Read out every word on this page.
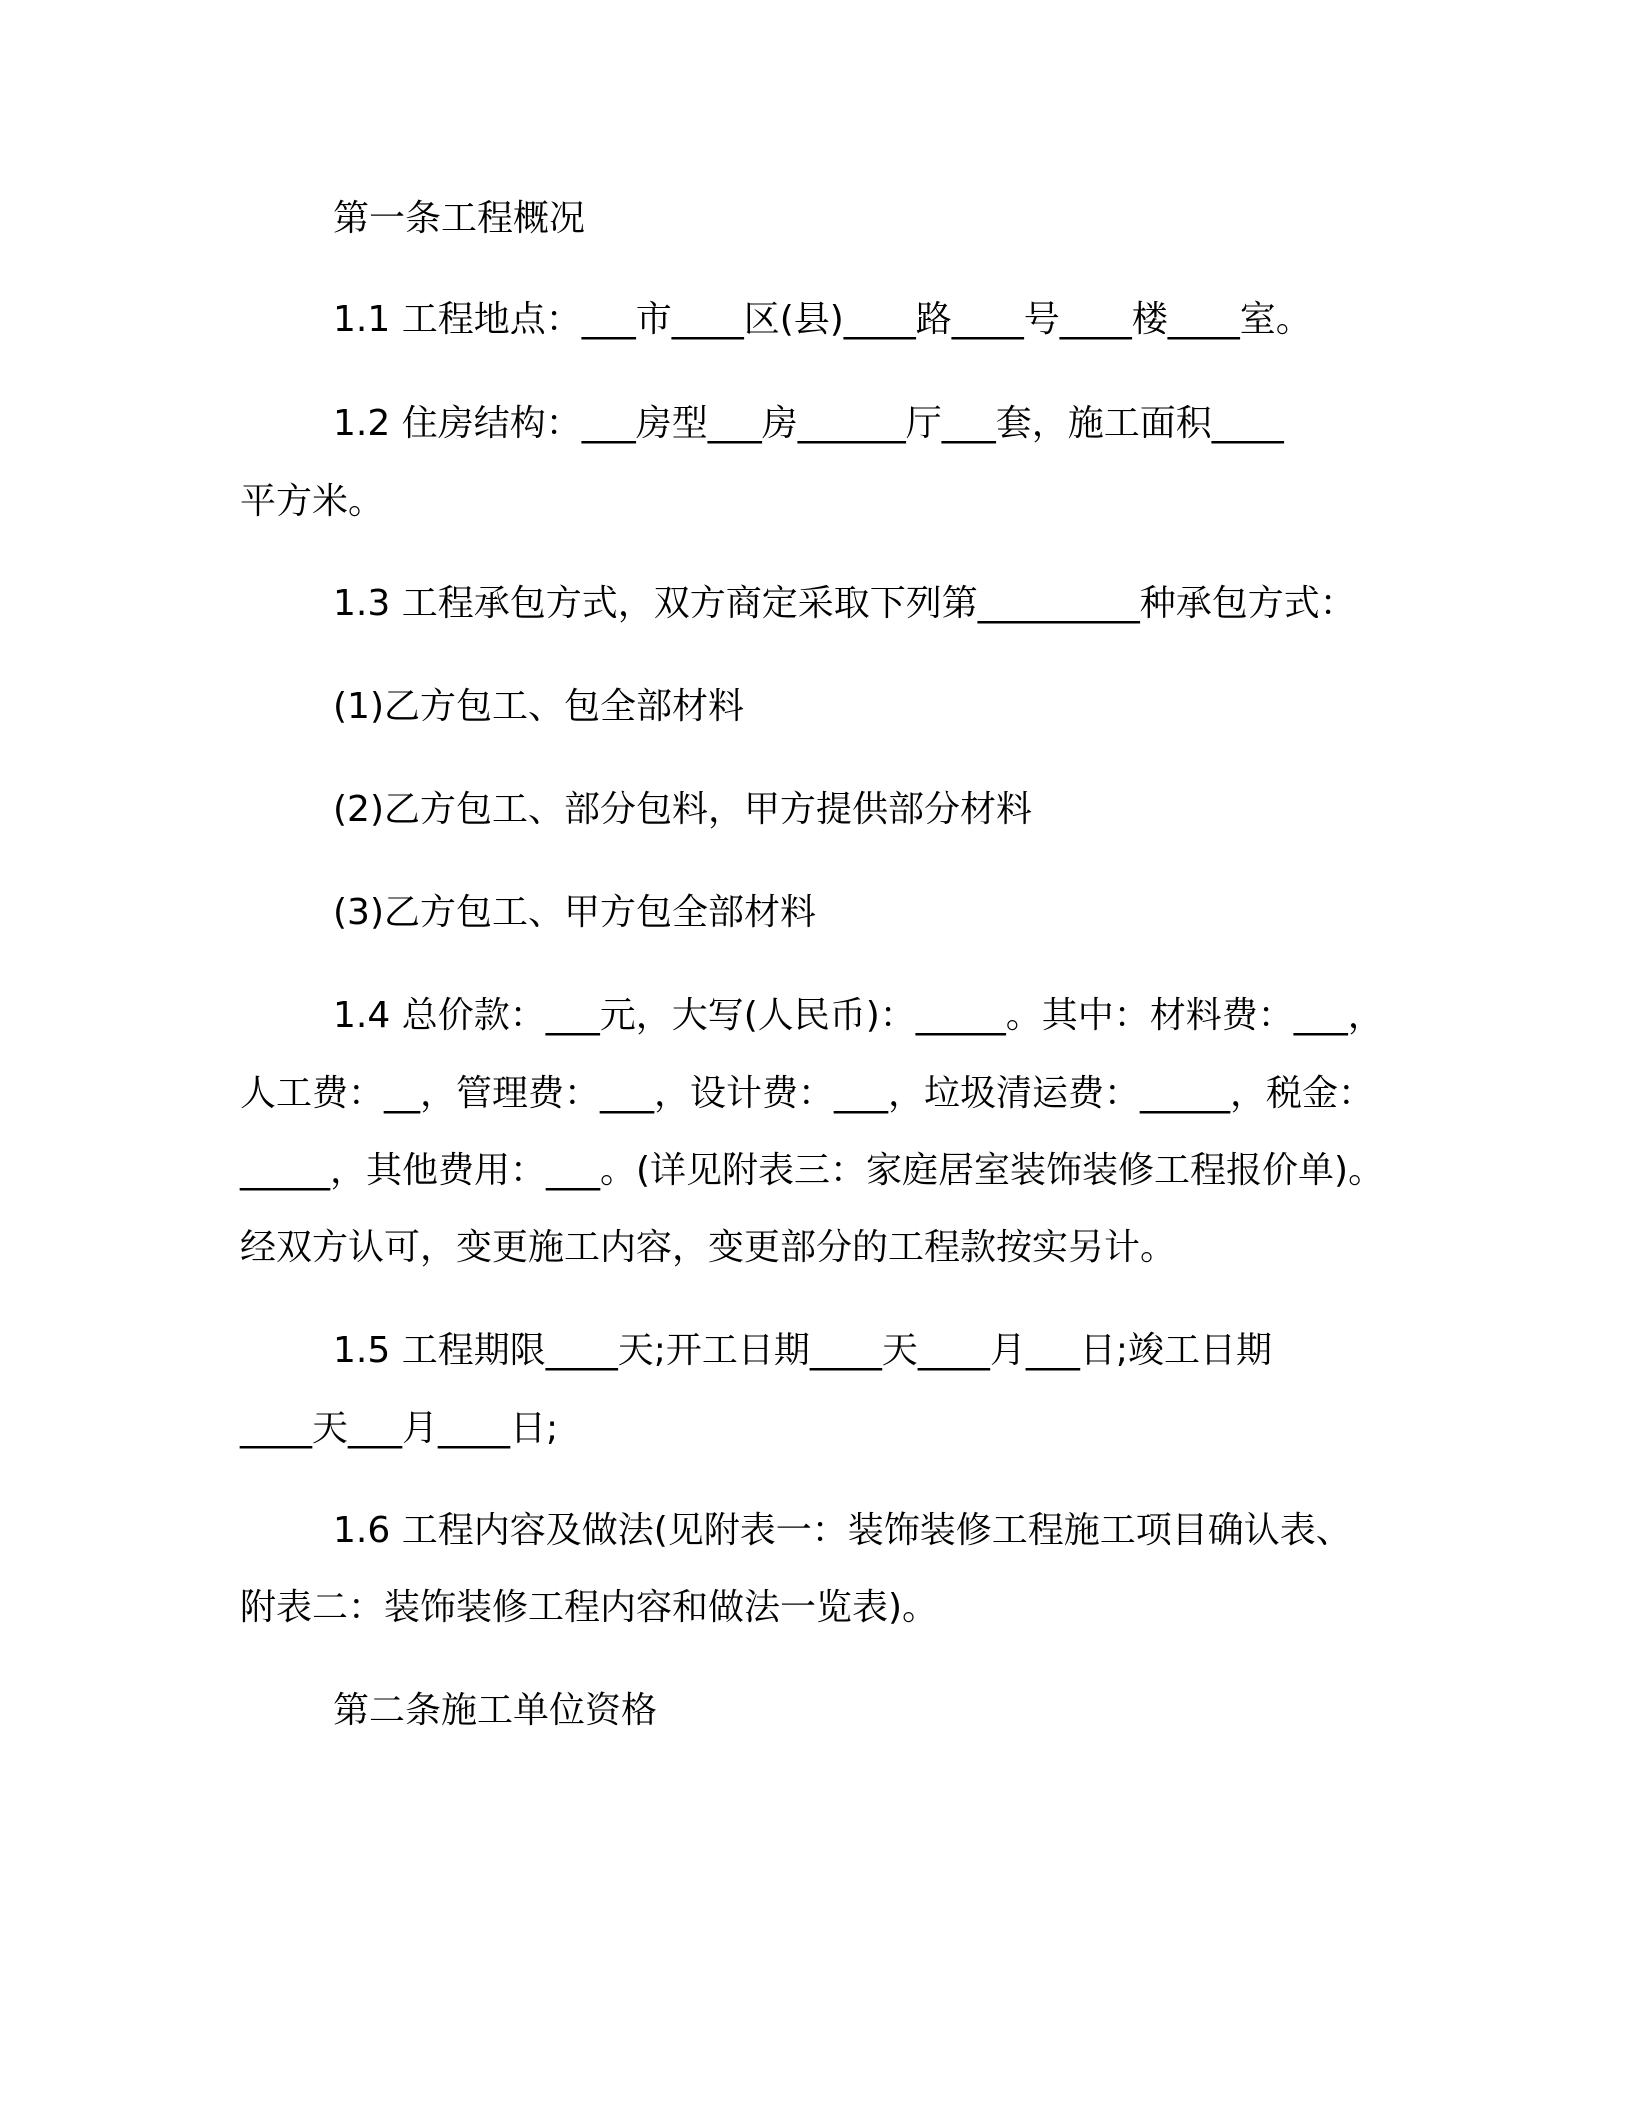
第一条工程概况
1.1 工程地点：___市____区(县)____路____号____楼____室。
1.2 住房结构：___房型___房______厅___套，施工面积____
平方米。
1.3 工程承包方式，双方商定采取下列第_________种承包方式：
(1)乙方包工、包全部材料
(2)乙方包工、部分包料，甲方提供部分材料
(3)乙方包工、甲方包全部材料
1.4 总价款：___元，大写(人民币)：_____。其中：材料费：___，
人工费：__，管理费：___，设计费：___，垃圾清运费：_____，税金：
_____，其他费用：___。(详见附表三：家庭居室装饰装修工程报价单)。
经双方认可，变更施工内容，变更部分的工程款按实另计。
1.5 工程期限____天;开工日期____天____月___日;竣工日期
____天___月____日;
1.6 工程内容及做法(见附表一：装饰装修工程施工项目确认表、
附表二：装饰装修工程内容和做法一览表)。
第二条施工单位资格
